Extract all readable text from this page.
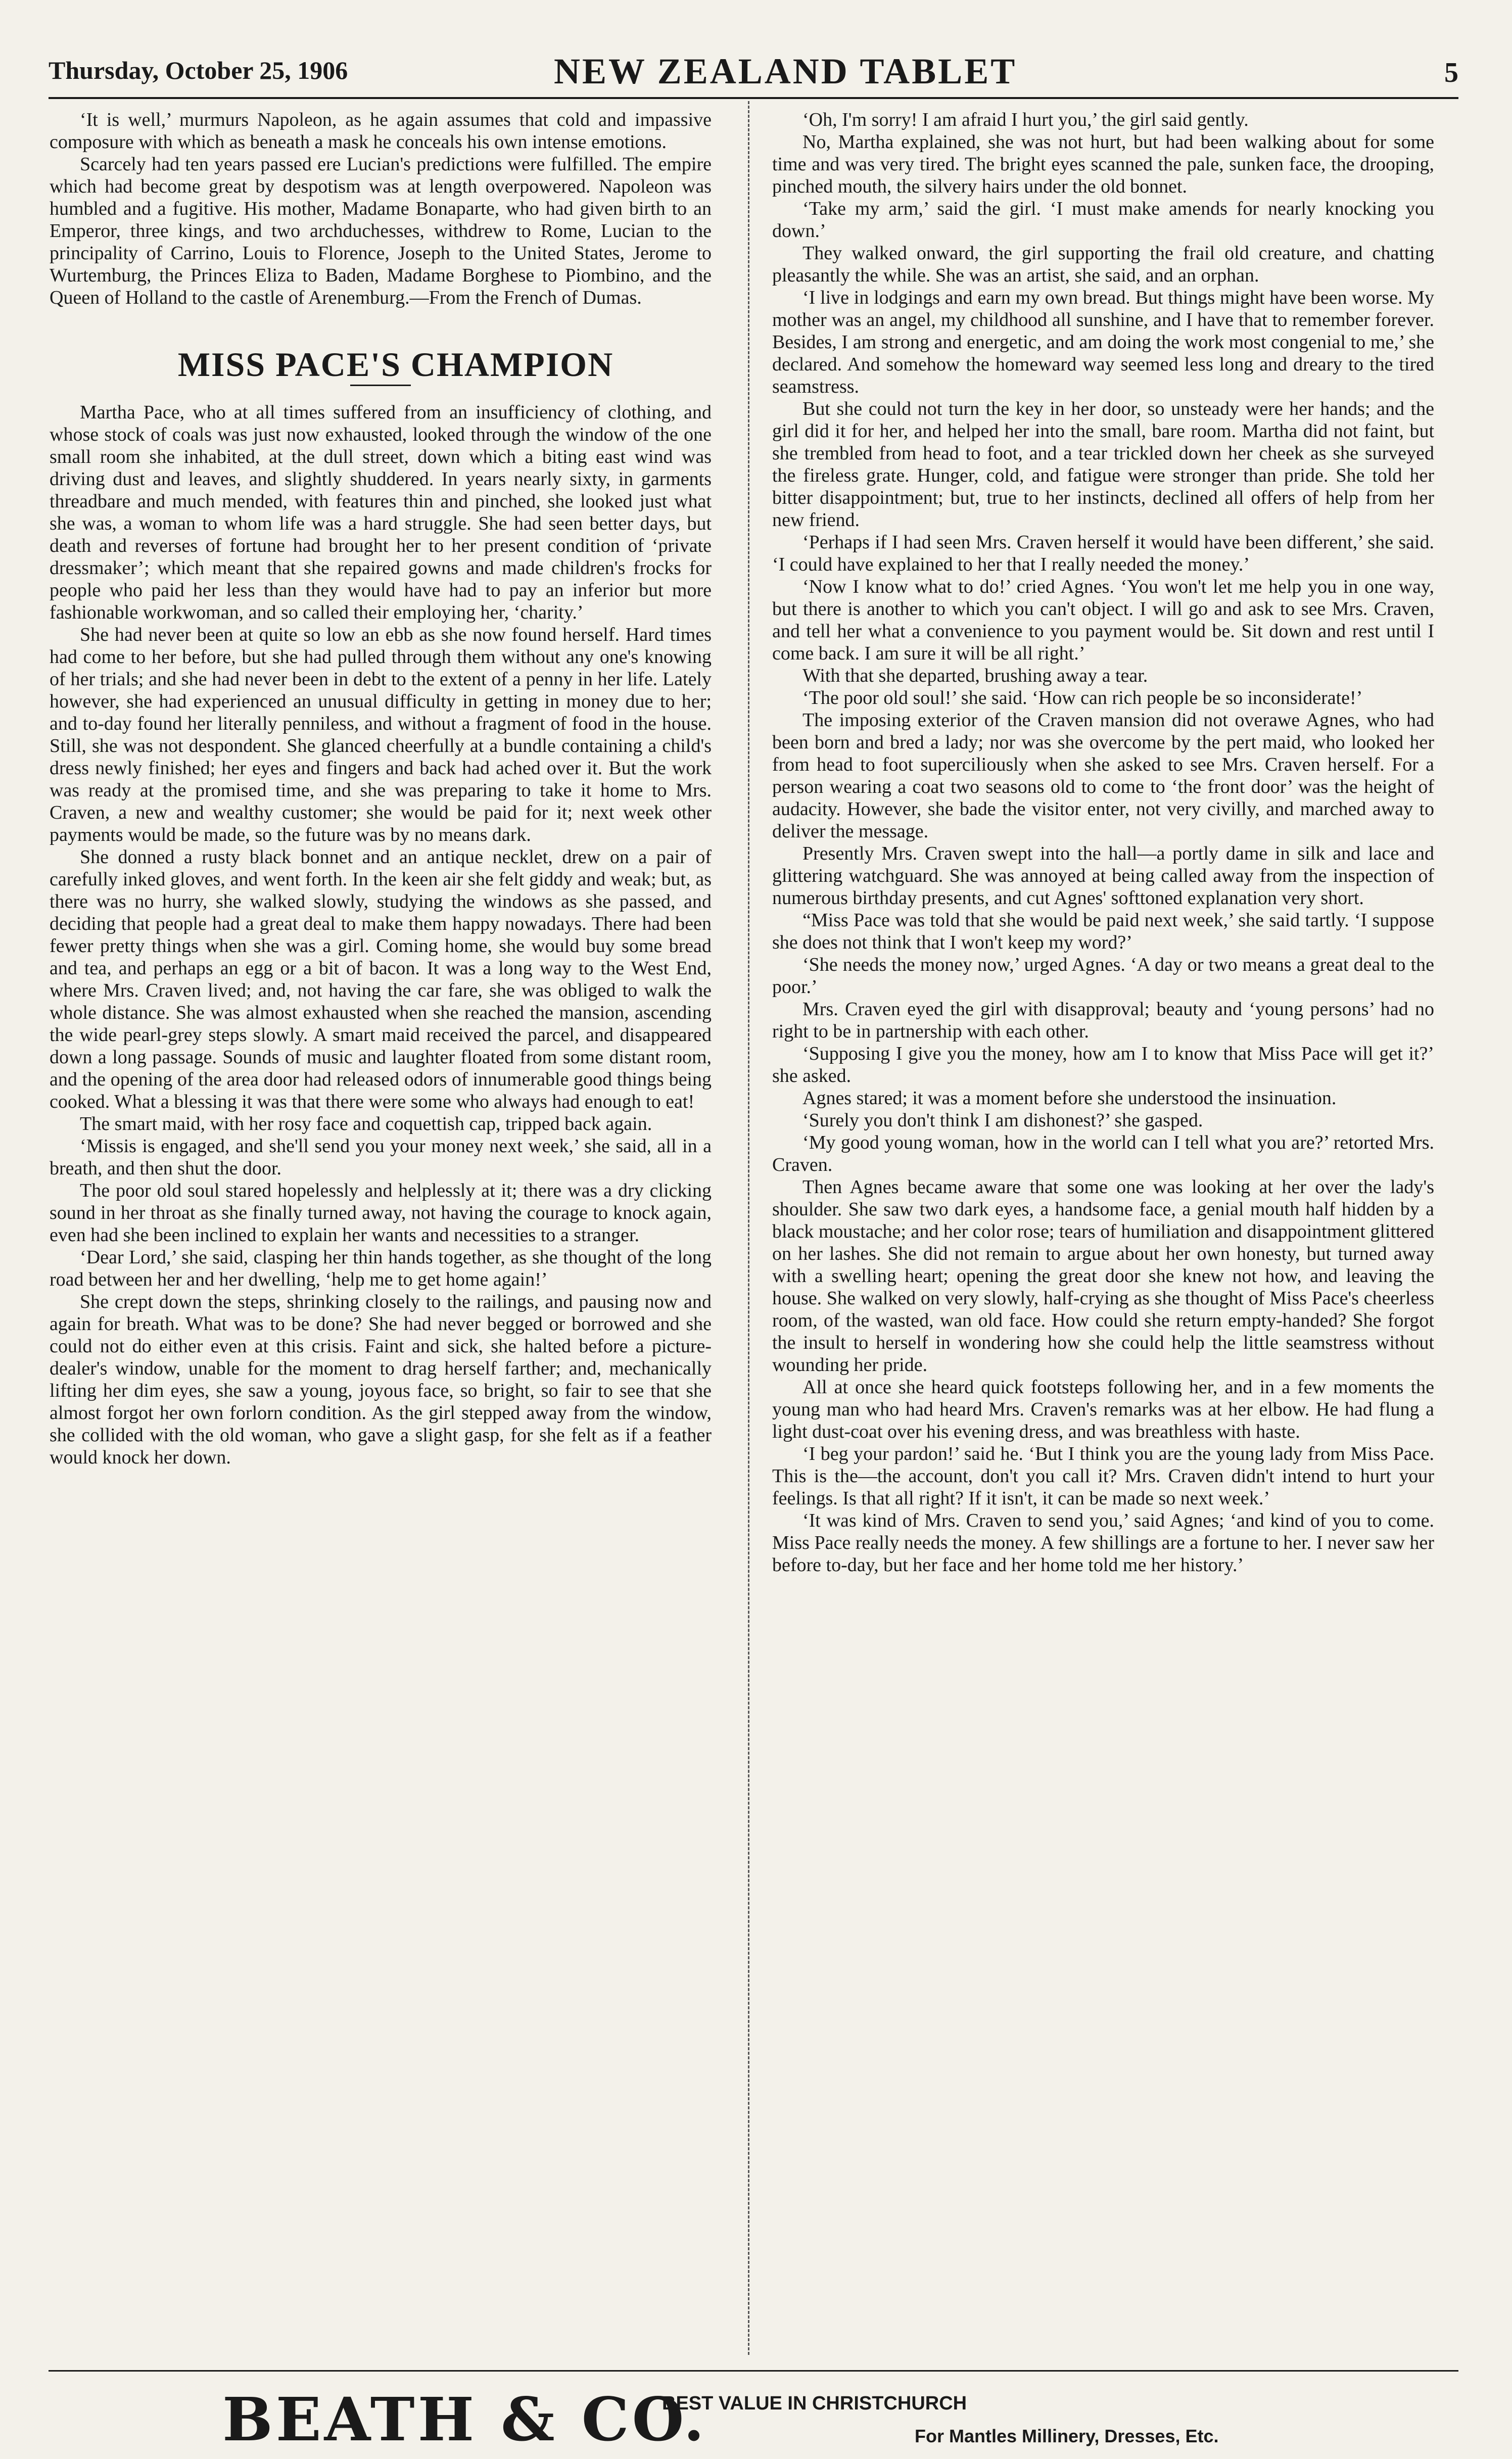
Thursday, October 25, 1906	NEW ZEALAND TABLET	5

‘It is well,’ murmurs Napoleon, as he again assumes that cold and impassive composure with which as beneath a mask he conceals his own intense emotions.

Scarcely had ten years passed ere Lucian's predictions were fulfilled. The empire which had become great by despotism was at length overpowered. Napoleon was humbled and a fugitive. His mother, Madame Bonaparte, who had given birth to an Emperor, three kings, and two archduchesses, withdrew to Rome, Lucian to the principality of Carrino, Louis to Florence, Joseph to the United States, Jerome to Wurtemburg, the Princes Eliza to Baden, Madame Borghese to Piombino, and the Queen of Holland to the castle of Arenemburg.—From the French of Dumas.

MISS PACE'S CHAMPION

Martha Pace, who at all times suffered from an insufficiency of clothing, and whose stock of coals was just now exhausted, looked through the window of the one small room she inhabited, at the dull street, down which a biting east wind was driving dust and leaves, and slightly shuddered. In years nearly sixty, in garments threadbare and much mended, with features thin and pinched, she looked just what she was, a woman to whom life was a hard struggle. She had seen better days, but death and reverses of fortune had brought her to her present condition of ‘private dressmaker’; which meant that she repaired gowns and made children's frocks for people who paid her less than they would have had to pay an inferior but more fashionable workwoman, and so called their employing her, ‘charity.’

She had never been at quite so low an ebb as she now found herself. Hard times had come to her before, but she had pulled through them without any one's knowing of her trials; and she had never been in debt to the extent of a penny in her life. Lately however, she had experienced an unusual difficulty in getting in money due to her; and to-day found her literally penniless, and without a fragment of food in the house. Still, she was not despondent. She glanced cheerfully at a bundle containing a child's dress newly finished; her eyes and fingers and back had ached over it. But the work was ready at the promised time, and she was preparing to take it home to Mrs. Craven, a new and wealthy customer; she would be paid for it; next week other payments would be made, so the future was by no means dark.

She donned a rusty black bonnet and an antique necklet, drew on a pair of carefully inked gloves, and went forth. In the keen air she felt giddy and weak; but, as there was no hurry, she walked slowly, studying the windows as she passed, and deciding that people had a great deal to make them happy nowadays. There had been fewer pretty things when she was a girl. Coming home, she would buy some bread and tea, and perhaps an egg or a bit of bacon. It was a long way to the West End, where Mrs. Craven lived; and, not having the car fare, she was obliged to walk the whole distance. She was almost exhausted when she reached the mansion, ascending the wide pearl-grey steps slowly. A smart maid received the parcel, and disappeared down a long passage. Sounds of music and laughter floated from some distant room, and the opening of the area door had released odors of innumerable good things being cooked. What a blessing it was that there were some who always had enough to eat!

The smart maid, with her rosy face and coquettish cap, tripped back again.

‘Missis is engaged, and she'll send you your money next week,’ she said, all in a breath, and then shut the door.

The poor old soul stared hopelessly and helplessly at it; there was a dry clicking sound in her throat as she finally turned away, not having the courage to knock again, even had she been inclined to explain her wants and necessities to a stranger.

‘Dear Lord,’ she said, clasping her thin hands together, as she thought of the long road between her and her dwelling, ‘help me to get home again!’

She crept down the steps, shrinking closely to the railings, and pausing now and again for breath. What was to be done? She had never begged or borrowed and she could not do either even at this crisis. Faint and sick, she halted before a picture-dealer's window, unable for the moment to drag herself farther; and, mechanically lifting her dim eyes, she saw a young, joyous face, so bright, so fair to see that she almost forgot her own forlorn condition. As the girl stepped away from the window, she collided with the old woman, who gave a slight gasp, for she felt as if a feather would knock her down.

‘Oh, I'm sorry! I am afraid I hurt you,’ the girl said gently.

No, Martha explained, she was not hurt, but had been walking about for some time and was very tired. The bright eyes scanned the pale, sunken face, the drooping, pinched mouth, the silvery hairs under the old bonnet.

‘Take my arm,’ said the girl. ‘I must make amends for nearly knocking you down.’

They walked onward, the girl supporting the frail old creature, and chatting pleasantly the while. She was an artist, she said, and an orphan.

‘I live in lodgings and earn my own bread. But things might have been worse. My mother was an angel, my childhood all sunshine, and I have that to remember forever. Besides, I am strong and energetic, and am doing the work most congenial to me,’ she declared. And somehow the homeward way seemed less long and dreary to the tired seamstress.

But she could not turn the key in her door, so unsteady were her hands; and the girl did it for her, and helped her into the small, bare room. Martha did not faint, but she trembled from head to foot, and a tear trickled down her cheek as she surveyed the fireless grate. Hunger, cold, and fatigue were stronger than pride. She told her bitter disappointment; but, true to her instincts, declined all offers of help from her new friend.

‘Perhaps if I had seen Mrs. Craven herself it would have been different,’ she said. ‘I could have explained to her that I really needed the money.’

‘Now I know what to do!’ cried Agnes. ‘You won't let me help you in one way, but there is another to which you can't object. I will go and ask to see Mrs. Craven, and tell her what a convenience to you payment would be. Sit down and rest until I come back. I am sure it will be all right.’

With that she departed, brushing away a tear.

‘The poor old soul!’ she said. ‘How can rich people be so inconsiderate!’

The imposing exterior of the Craven mansion did not overawe Agnes, who had been born and bred a lady; nor was she overcome by the pert maid, who looked her from head to foot superciliously when she asked to see Mrs. Craven herself. For a person wearing a coat two seasons old to come to ‘the front door’ was the height of audacity. However, she bade the visitor enter, not very civilly, and marched away to deliver the message.

Presently Mrs. Craven swept into the hall—a portly dame in silk and lace and glittering watchguard. She was annoyed at being called away from the inspection of numerous birthday presents, and cut Agnes' softtoned explanation very short.

“Miss Pace was told that she would be paid next week,’ she said tartly. ‘I suppose she does not think that I won't keep my word?’

‘She needs the money now,’ urged Agnes. ‘A day or two means a great deal to the poor.’

Mrs. Craven eyed the girl with disapproval; beauty and ‘young persons’ had no right to be in partnership with each other.

‘Supposing I give you the money, how am I to know that Miss Pace will get it?’ she asked.

Agnes stared; it was a moment before she understood the insinuation.

‘Surely you don't think I am dishonest?’ she gasped.

‘My good young woman, how in the world can I tell what you are?’ retorted Mrs. Craven.

Then Agnes became aware that some one was looking at her over the lady's shoulder. She saw two dark eyes, a handsome face, a genial mouth half hidden by a black moustache; and her color rose; tears of humiliation and disappointment glittered on her lashes. She did not remain to argue about her own honesty, but turned away with a swelling heart; opening the great door she knew not how, and leaving the house. She walked on very slowly, half-crying as she thought of Miss Pace's cheerless room, of the wasted, wan old face. How could she return empty-handed? She forgot the insult to herself in wondering how she could help the little seamstress without wounding her pride.

All at once she heard quick footsteps following her, and in a few moments the young man who had heard Mrs. Craven's remarks was at her elbow. He had flung a light dust-coat over his evening dress, and was breathless with haste.

‘I beg your pardon!’ said he. ‘But I think you are the young lady from Miss Pace. This is the—the account, don't you call it? Mrs. Craven didn't intend to hurt your feelings. Is that all right? If it isn't, it can be made so next week.’

‘It was kind of Mrs. Craven to send you,’ said Agnes; ‘and kind of you to come. Miss Pace really needs the money. A few shillings are a fortune to her. I never saw her before to-day, but her face and her home told me her history.’

BEATH & CO.
BEST VALUE IN CHRISTCHURCH
For Mantles Millinery, Dresses, Etc.
